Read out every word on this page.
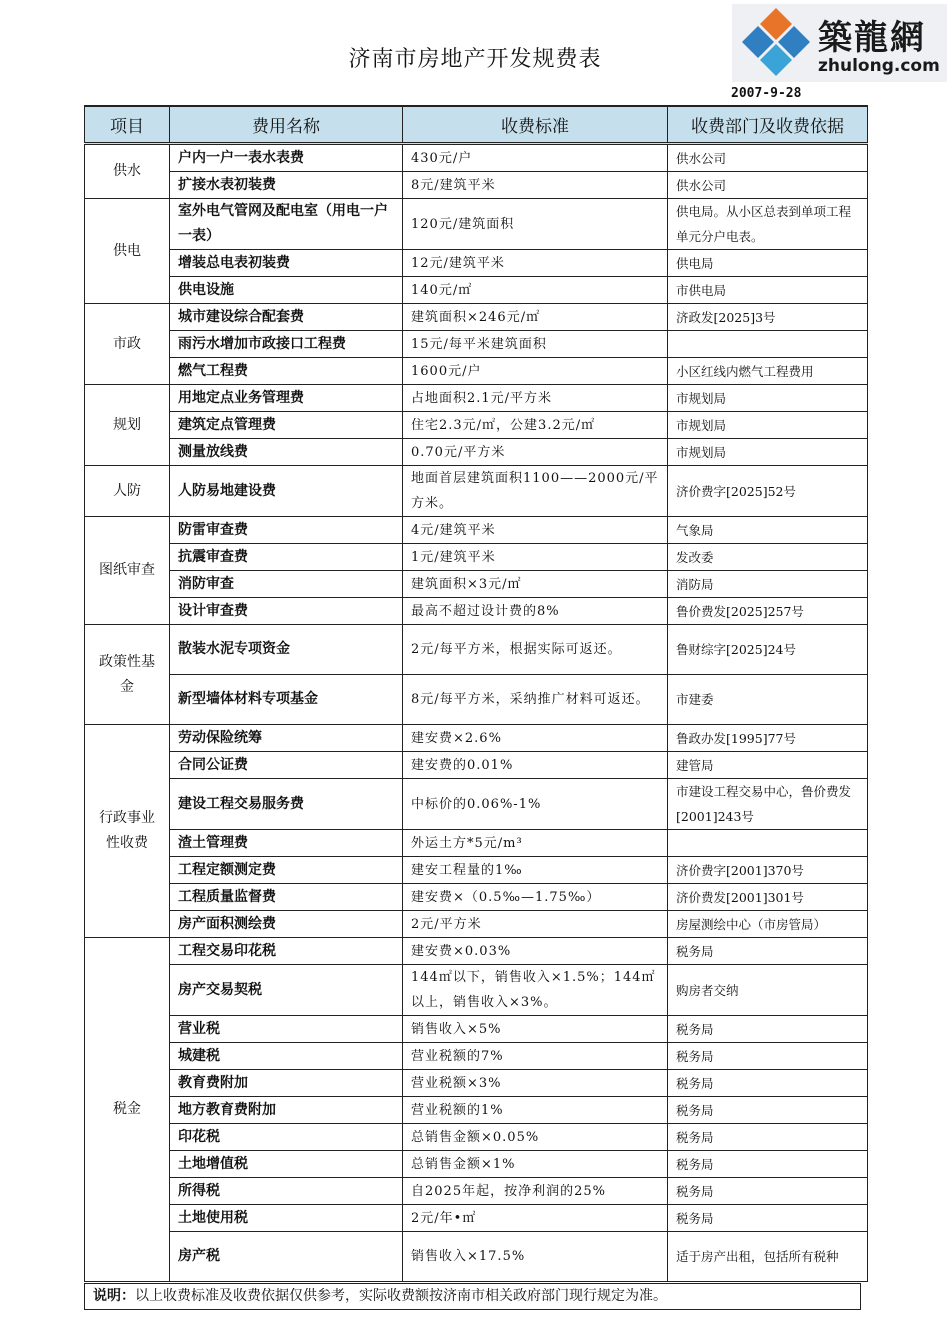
济南市房地产开发规费表
築龍網
zhulong.com
2007-9-28
项目	费用名称	收费标准	收费部门及收费依据
供水	户内一户一表水表费	430元/户	供水公司
	扩接水表初装费	8元/建筑平米	供水公司
供电	室外电气管网及配电室（用电一户一表）	120元/建筑面积	供电局。从小区总表到单项工程单元分户电表。
	增装总电表初装费	12元/建筑平米	供电局
	供电设施	140元/㎡	市供电局
市政	城市建设综合配套费	建筑面积×246元/㎡	济政发[2025]3号
	雨污水增加市政接口工程费	15元/每平米建筑面积	
	燃气工程费	1600元/户	小区红线内燃气工程费用
规划	用地定点业务管理费	占地面积2.1元/平方米	市规划局
	建筑定点管理费	住宅2.3元/㎡，公建3.2元/㎡	市规划局
	测量放线费	0.70元/平方米	市规划局
人防	人防易地建设费	地面首层建筑面积1100——2000元/平方米。	济价费字[2025]52号
图纸审查	防雷审查费	4元/建筑平米	气象局
	抗震审查费	1元/建筑平米	发改委
	消防审查	建筑面积×3元/㎡	消防局
	设计审查费	最高不超过设计费的8%	鲁价费发[2025]257号
政策性基金	散装水泥专项资金	2元/每平方米，根据实际可返还。	鲁财综字[2025]24号
	新型墙体材料专项基金	8元/每平方米，采纳推广材料可返还。	市建委
行政事业性收费	劳动保险统筹	建安费×2.6%	鲁政办发[1995]77号
	合同公证费	建安费的0.01%	建管局
	建设工程交易服务费	中标价的0.06%-1%	市建设工程交易中心，鲁价费发[2001]243号
	渣土管理费	外运土方*5元/m³	
	工程定额测定费	建安工程量的1‰	济价费字[2001]370号
	工程质量监督费	建安费×（0.5‰—1.75‰）	济价费发[2001]301号
	房产面积测绘费	2元/平方米	房屋测绘中心（市房管局）
税金	工程交易印花税	建安费×0.03%	税务局
	房产交易契税	144㎡以下，销售收入×1.5%；144㎡以上，销售收入×3%。	购房者交纳
	营业税	销售收入×5%	税务局
	城建税	营业税额的7%	税务局
	教育费附加	营业税额×3%	税务局
	地方教育费附加	营业税额的1%	税务局
	印花税	总销售金额×0.05%	税务局
	土地增值税	总销售金额×1%	税务局
	所得税	自2025年起，按净利润的25%	税务局
	土地使用税	2元/年•㎡	税务局
	房产税	销售收入×17.5%	适于房产出租，包括所有税种
说明：以上收费标准及收费依据仅供参考，实际收费额按济南市相关政府部门现行规定为准。
